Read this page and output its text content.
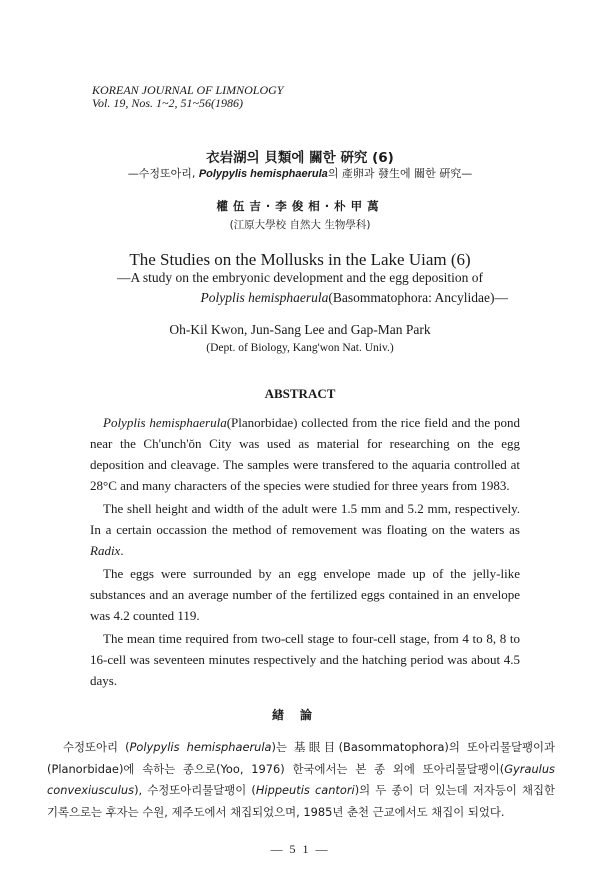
KOREAN JOURNAL OF LIMNOLOGY
Vol. 19, Nos. 1~2, 51~56(1986)
衣岩湖의 貝類에 關한 硏究 (6)
—수정또아리, Polypylis hemisphaerula의 產卵과 發生에 關한 硏究—
權伍吉·李俊相·朴甲萬
(江原大學校 自然大 生物學科)
The Studies on the Mollusks in the Lake Uiam (6)
—A study on the embryonic development and the egg deposition of
Polyplis hemisphaerula(Basommatophora: Ancylidae)—
Oh-Kil Kwon, Jun-Sang Lee and Gap-Man Park
(Dept. of Biology, Kang'won Nat. Univ.)
ABSTRACT

Polyplis hemisphaerula(Planorbidae) collected from the rice field and the pond near the Ch'unch'ŏn City was used as material for researching on the egg deposition and cleavage. The samples were transfered to the aquaria controlled at 28°C and many characters of the species were studied for three years from 1983.

The shell height and width of the adult were 1.5 mm and 5.2 mm, respectively. In a certain occassion the method of removement was floating on the waters as Radix.

The eggs were surrounded by an egg envelope made up of the jelly-like substances and an average number of the fertilized eggs contained in an envelope was 4.2 counted 119.

The mean time required from two-cell stage to four-cell stage, from 4 to 8, 8 to 16-cell was seventeen minutes respectively and the hatching period was about 4.5 days.

緖論

수정또아리 (Polypylis hemisphaerula)는 基眼目(Basommatophora)의 또아리물달팽이과 (Planorbidae)에 속하는 종으로(Yoo, 1976) 한국에서는 본 종 외에 또아리물달팽이(Gyraulus convexiusculus), 수정또아리물달팽이 (Hippeutis cantori)의 두 종이 더 있는데 저자등이 채집한 기록으로는 후자는 수원, 제주도에서 채집되었으며, 1985년 춘천 근교에서도 채집이 되었다.

— 5 1 —
